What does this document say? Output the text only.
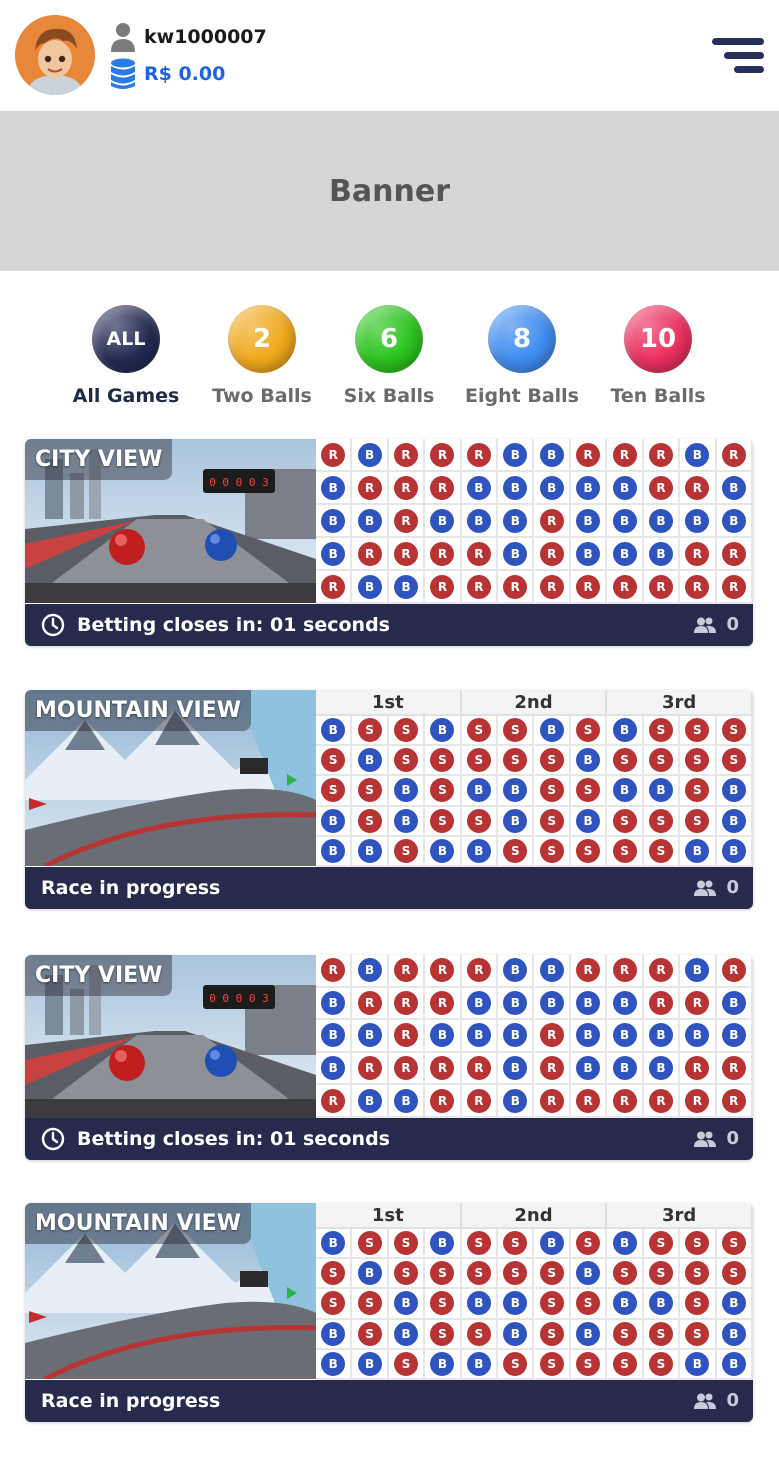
kw1000007
R$ 0.00
Banner
ALL
All Games
2
Two Balls
6
Six Balls
8
Eight Balls
10
Ten Balls
0 0 0 0 3
CITY VIEW	R	B	R	R	R	B	B	R	R	R	B	R
B	R	R	R	B	B	B	B	B	R	R	B
B	B	R	B	B	B	R	B	B	B	B	B
B	R	R	R	R	B	R	B	B	B	R	R
R	B	B	R	R	R	R	R	R	R	R	R
Betting closes in: 01 seconds	0
MOUNTAIN VIEW	1st	2nd	3rd
B	S	S	B	S	S	B	S	B	S	S	S
S	B	S	S	S	S	S	B	S	S	S	S
S	S	B	S	B	B	S	S	B	B	S	B
B	S	B	S	S	B	S	B	S	S	S	B
B	B	S	B	B	S	S	S	S	S	B	B
Race in progress	0
0 0 0 0 3
CITY VIEW	R	B	R	R	R	B	B	R	R	R	B	R
B	R	R	R	B	B	B	B	B	R	R	B
B	B	R	B	B	B	R	B	B	B	B	B
B	R	R	R	R	B	R	B	B	B	R	R
R	B	B	R	R	B	R	R	R	R	R	R
Betting closes in: 01 seconds	0
MOUNTAIN VIEW	1st	2nd	3rd
B	S	S	B	S	S	B	S	B	S	S	S
S	B	S	S	S	S	S	B	S	S	S	S
S	S	B	S	B	B	S	S	B	B	S	B
B	S	B	S	S	B	S	B	S	S	S	B
B	B	S	B	B	S	S	S	S	S	B	B
Race in progress	0
